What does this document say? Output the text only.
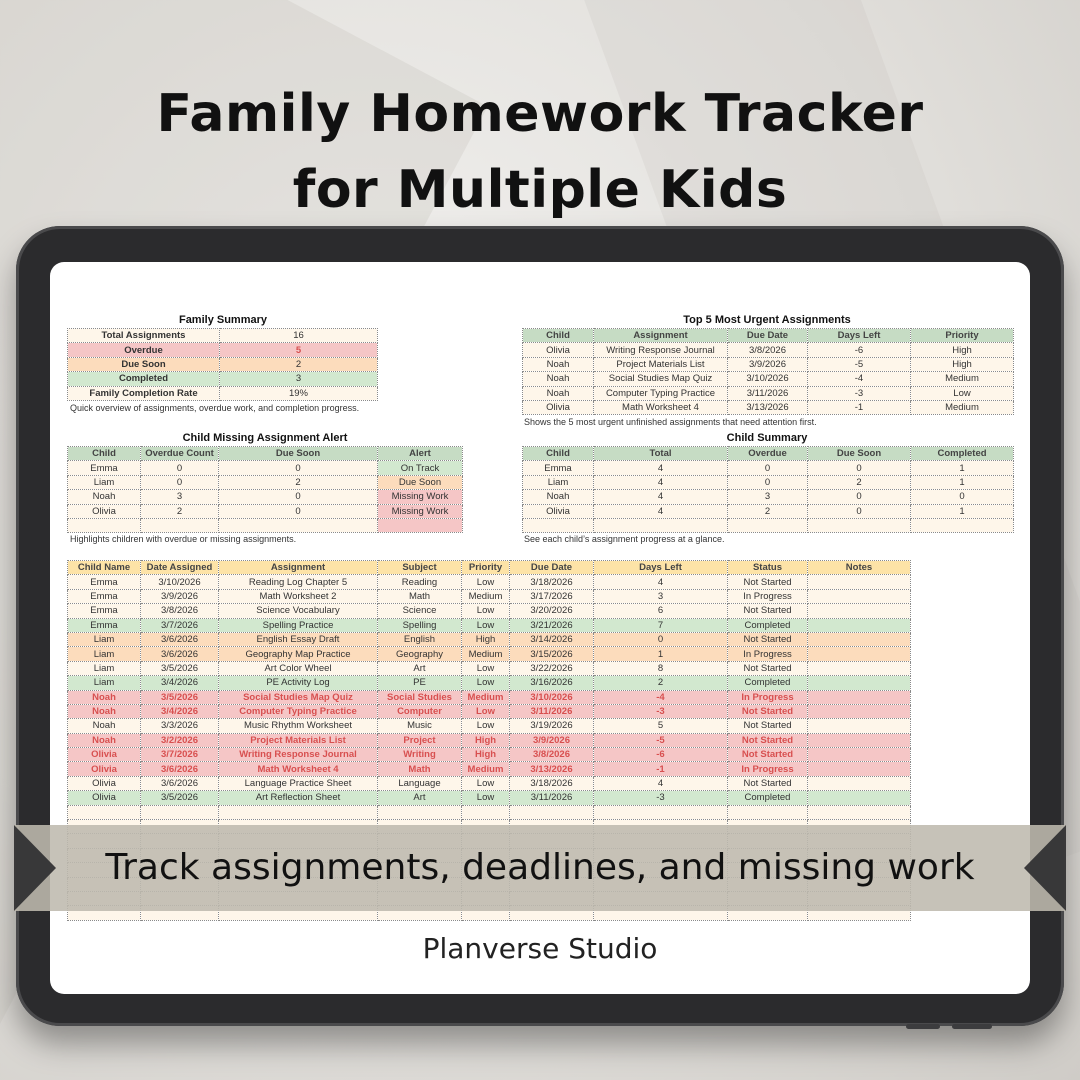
Family Homework Tracker
for Multiple Kids
Family Summary
Total Assignments	16
Overdue	5
Due Soon	2
Completed	3
Family Completion Rate	19%
Quick overview of assignments, overdue work, and completion progress.
Top 5 Most Urgent Assignments
Child	Assignment	Due Date	Days Left	Priority
Olivia	Writing Response Journal	3/8/2026	-6	High
Noah	Project Materials List	3/9/2026	-5	High
Noah	Social Studies Map Quiz	3/10/2026	-4	Medium
Noah	Computer Typing Practice	3/11/2026	-3	Low
Olivia	Math Worksheet 4	3/13/2026	-1	Medium
Shows the 5 most urgent unfinished assignments that need attention first.
Child Missing Assignment Alert
Child	Overdue Count	Due Soon	Alert
Emma	0	0	On Track
Liam	0	2	Due Soon
Noah	3	0	Missing Work
Olivia	2	0	Missing Work

Highlights children with overdue or missing assignments.
Child Summary
Child	Total	Overdue	Due Soon	Completed
Emma	4	0	0	1
Liam	4	0	2	1
Noah	4	3	0	0
Olivia	4	2	0	1

See each child’s assignment progress at a glance.
Child Name	Date Assigned	Assignment	Subject	Priority	Due Date	Days Left	Status	Notes
Emma	3/10/2026	Reading Log Chapter 5	Reading	Low	3/18/2026	4	Not Started	
Emma	3/9/2026	Math Worksheet 2	Math	Medium	3/17/2026	3	In Progress	
Emma	3/8/2026	Science Vocabulary	Science	Low	3/20/2026	6	Not Started	
Emma	3/7/2026	Spelling Practice	Spelling	Low	3/21/2026	7	Completed	
Liam	3/6/2026	English Essay Draft	English	High	3/14/2026	0	Not Started	
Liam	3/6/2026	Geography Map Practice	Geography	Medium	3/15/2026	1	In Progress	
Liam	3/5/2026	Art Color Wheel	Art	Low	3/22/2026	8	Not Started	
Liam	3/4/2026	PE Activity Log	PE	Low	3/16/2026	2	Completed	
Noah	3/5/2026	Social Studies Map Quiz	Social Studies	Medium	3/10/2026	-4	In Progress	
Noah	3/4/2026	Computer Typing Practice	Computer	Low	3/11/2026	-3	Not Started	
Noah	3/3/2026	Music Rhythm Worksheet	Music	Low	3/19/2026	5	Not Started	
Noah	3/2/2026	Project Materials List	Project	High	3/9/2026	-5	Not Started	
Olivia	3/7/2026	Writing Response Journal	Writing	High	3/8/2026	-6	Not Started	
Olivia	3/6/2026	Math Worksheet 4	Math	Medium	3/13/2026	-1	In Progress	
Olivia	3/6/2026	Language Practice Sheet	Language	Low	3/18/2026	4	Not Started	
Olivia	3/5/2026	Art Reflection Sheet	Art	Low	3/11/2026	-3	Completed	

Track assignments, deadlines, and missing work
Planverse Studio
